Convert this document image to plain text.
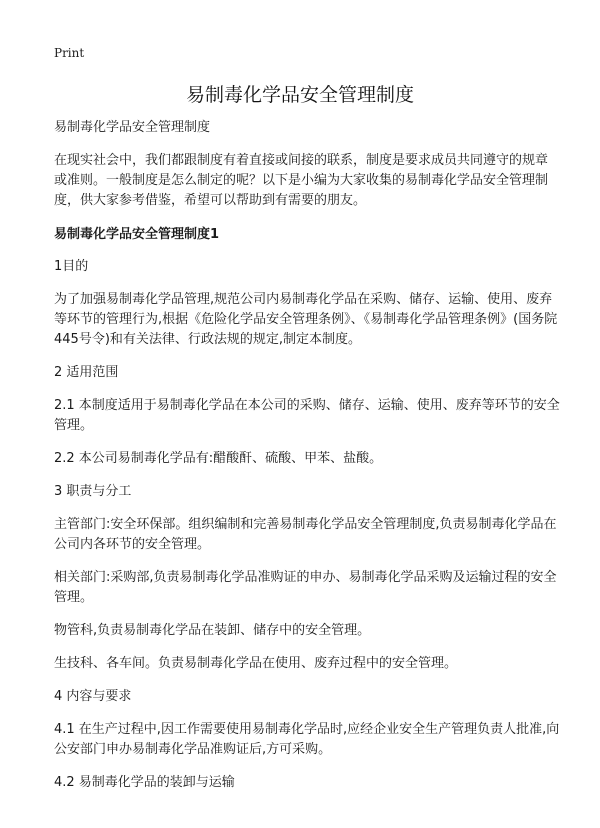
Print
易制毒化学品安全管理制度

易制毒化学品安全管理制度

在现实社会中，我们都跟制度有着直接或间接的联系，制度是要求成员共同遵守的规章或准则。一般制度是怎么制定的呢？以下是小编为大家收集的易制毒化学品安全管理制度，供大家参考借鉴，希望可以帮助到有需要的朋友。

易制毒化学品安全管理制度1

1目的

为了加强易制毒化学品管理,规范公司内易制毒化学品在采购、储存、运输、使用、废弃等环节的管理行为,根据《危险化学品安全管理条例》、《易制毒化学品管理条例》(国务院445号令)和有关法律、行政法规的规定,制定本制度。

2 适用范围

2.1 本制度适用于易制毒化学品在本公司的采购、储存、运输、使用、废弃等环节的安全管理。

2.2 本公司易制毒化学品有:醋酸酐、硫酸、甲苯、盐酸。

3 职责与分工

主管部门:安全环保部。组织编制和完善易制毒化学品安全管理制度,负责易制毒化学品在公司内各环节的安全管理。

相关部门:采购部,负责易制毒化学品准购证的申办、易制毒化学品采购及运输过程的安全管理。

物管科,负责易制毒化学品在装卸、储存中的安全管理。

生技科、各车间。负责易制毒化学品在使用、废弃过程中的安全管理。

4 内容与要求

4.1 在生产过程中,因工作需要使用易制毒化学品时,应经企业安全生产管理负责人批准,向公安部门申办易制毒化学品准购证后,方可采购。

4.2 易制毒化学品的装卸与运输
